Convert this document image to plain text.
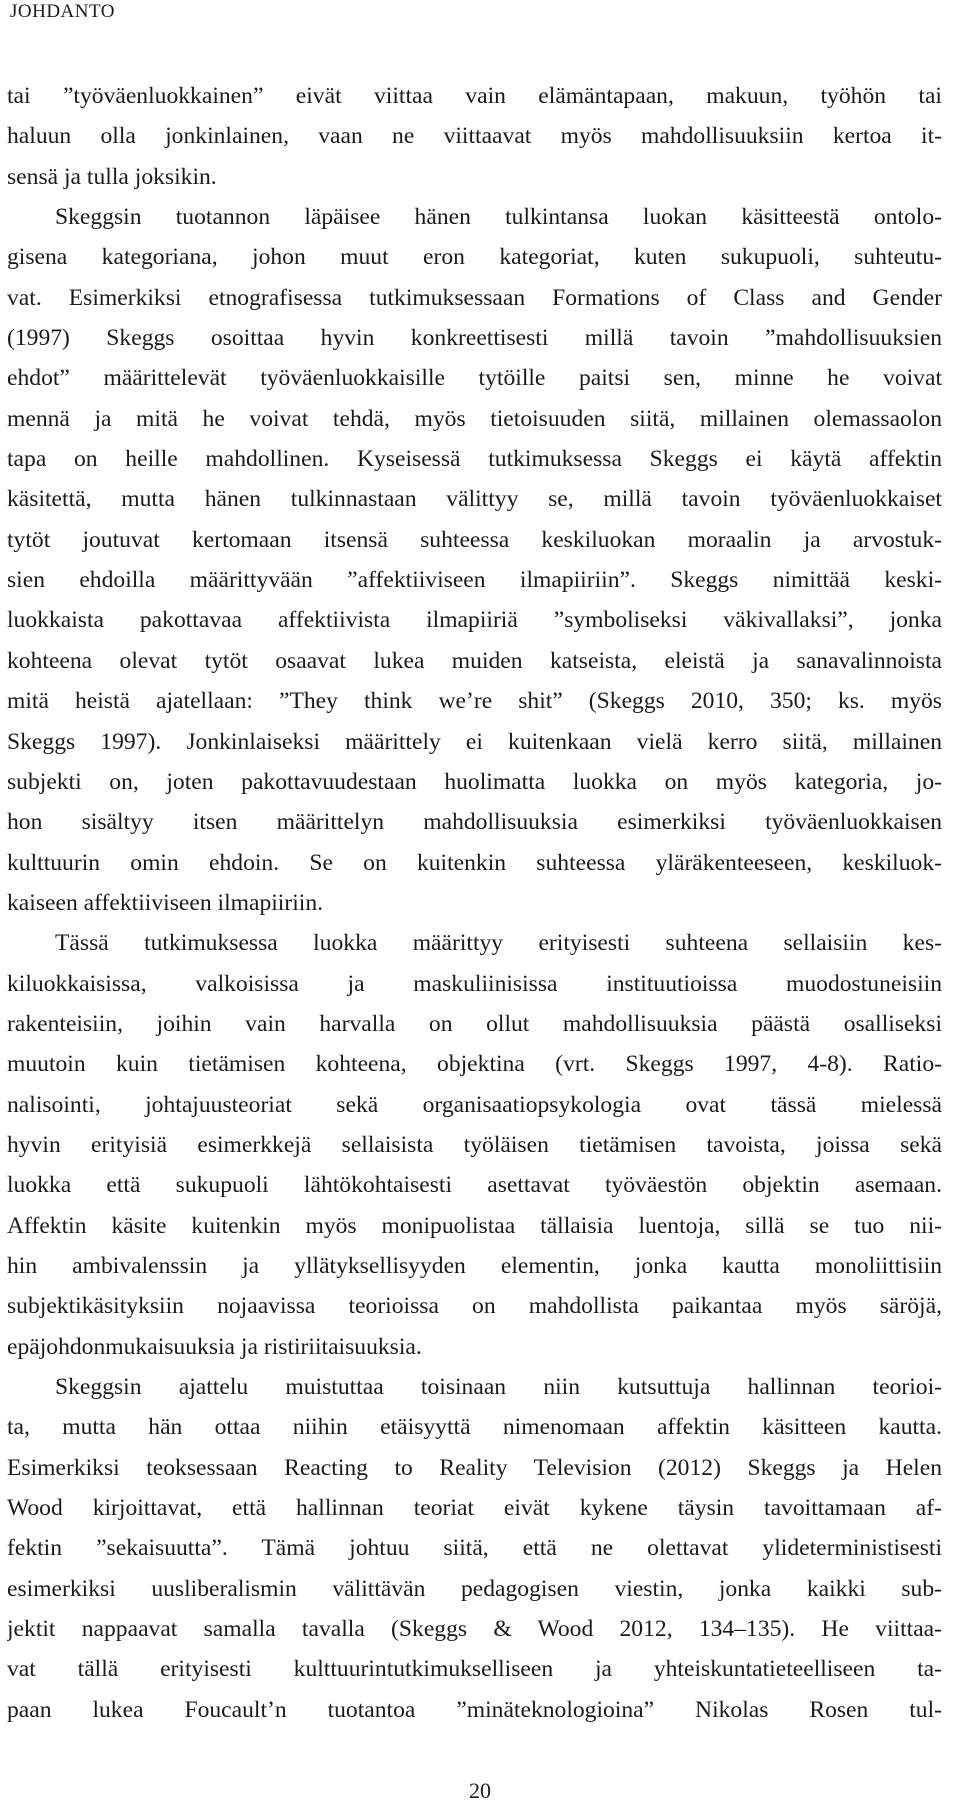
JOHDANTO
tai ”työväenluokkainen” eivät viittaa vain elämäntapaan, makuun, työhön tai
haluun olla jonkinlainen, vaan ne viittaavat myös mahdollisuuksiin kertoa it-
sensä ja tulla joksikin.
Skeggsin tuotannon läpäisee hänen tulkintansa luokan käsitteestä ontolo-
gisena kategoriana, johon muut eron kategoriat, kuten sukupuoli, suhteutu-
vat. Esimerkiksi etnografisessa tutkimuksessaan Formations of Class and Gender
(1997) Skeggs osoittaa hyvin konkreettisesti millä tavoin ”mahdollisuuksien
ehdot” määrittelevät työväenluokkaisille tytöille paitsi sen, minne he voivat
mennä ja mitä he voivat tehdä, myös tietoisuuden siitä, millainen olemassaolon
tapa on heille mahdollinen. Kyseisessä tutkimuksessa Skeggs ei käytä affektin
käsitettä, mutta hänen tulkinnastaan välittyy se, millä tavoin työväenluokkaiset
tytöt joutuvat kertomaan itsensä suhteessa keskiluokan moraalin ja arvostuk-
sien ehdoilla määrittyvään ”affektiiviseen ilmapiiriin”. Skeggs nimittää keski-
luokkaista pakottavaa affektiivista ilmapiiriä ”symboliseksi väkivallaksi”, jonka
kohteena olevat tytöt osaavat lukea muiden katseista, eleistä ja sanavalinnoista
mitä heistä ajatellaan: ”They think we’re shit” (Skeggs 2010, 350; ks. myös
Skeggs 1997). Jonkinlaiseksi määrittely ei kuitenkaan vielä kerro siitä, millainen
subjekti on, joten pakottavuudestaan huolimatta luokka on myös kategoria, jo-
hon sisältyy itsen määrittelyn mahdollisuuksia esimerkiksi työväenluokkaisen
kulttuurin omin ehdoin. Se on kuitenkin suhteessa yläräkenteeseen, keskiluok-
kaiseen affektiiviseen ilmapiiriin.
Tässä tutkimuksessa luokka määrittyy erityisesti suhteena sellaisiin kes-
kiluokkaisissa, valkoisissa ja maskuliinisissa instituutioissa muodostuneisiin
rakenteisiin, joihin vain harvalla on ollut mahdollisuuksia päästä osalliseksi
muutoin kuin tietämisen kohteena, objektina (vrt. Skeggs 1997, 4-8). Ratio-
nalisointi, johtajuusteoriat sekä organisaatiopsykologia ovat tässä mielessä
hyvin erityisiä esimerkkejä sellaisista työläisen tietämisen tavoista, joissa sekä
luokka että sukupuoli lähtökohtaisesti asettavat työväestön objektin asemaan.
Affektin käsite kuitenkin myös monipuolistaa tällaisia luentoja, sillä se tuo nii-
hin ambivalenssin ja yllätyksellisyyden elementin, jonka kautta monoliittisiin
subjektikäsityksiin nojaavissa teorioissa on mahdollista paikantaa myös säröjä,
epäjohdonmukaisuuksia ja ristiriitaisuuksia.
Skeggsin ajattelu muistuttaa toisinaan niin kutsuttuja hallinnan teorioi-
ta, mutta hän ottaa niihin etäisyyttä nimenomaan affektin käsitteen kautta.
Esimerkiksi teoksessaan Reacting to Reality Television (2012) Skeggs ja Helen
Wood kirjoittavat, että hallinnan teoriat eivät kykene täysin tavoittamaan af-
fektin ”sekaisuutta”. Tämä johtuu siitä, että ne olettavat ylideterministisesti
esimerkiksi uusliberalismin välittävän pedagogisen viestin, jonka kaikki sub-
jektit nappaavat samalla tavalla (Skeggs & Wood 2012, 134–135). He viittaa-
vat tällä erityisesti kulttuurintutkimukselliseen ja yhteiskuntatieteelliseen ta-
paan lukea Foucault’n tuotantoa ”minäteknologioina” Nikolas Rosen tul-
20
